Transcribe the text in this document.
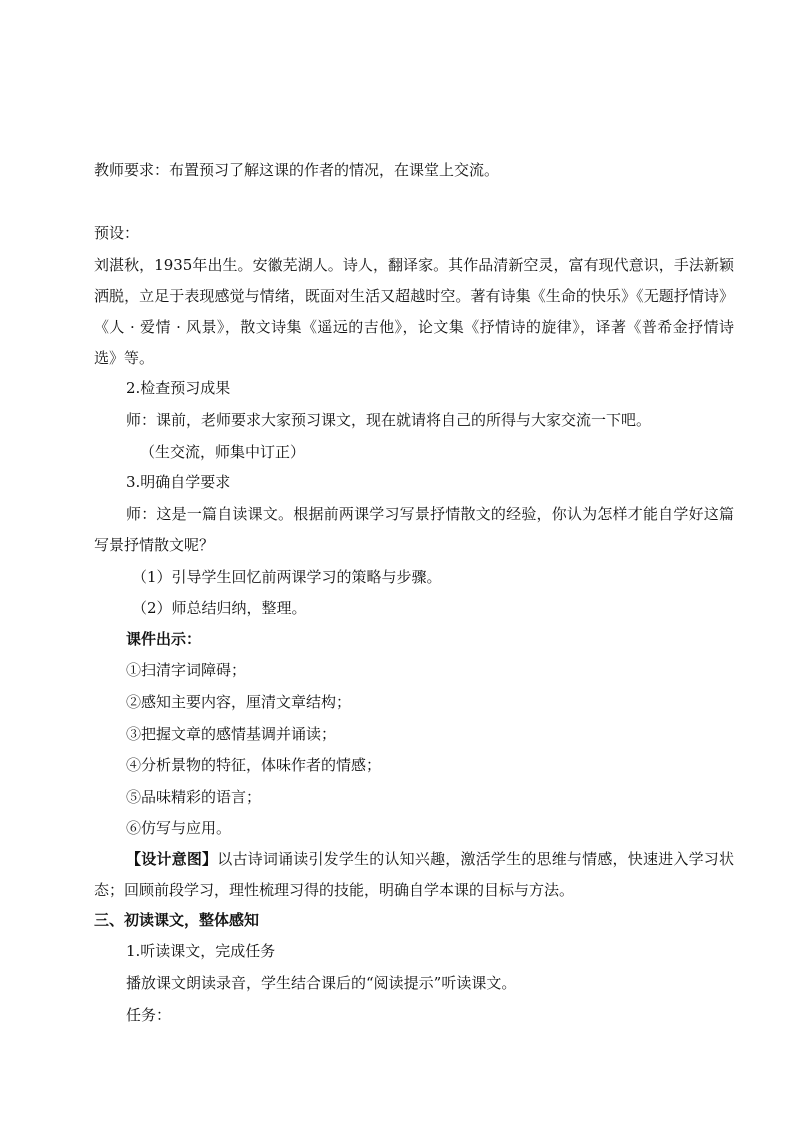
教师要求：布置预习了解这课的作者的情况，在课堂上交流。
预设：
刘湛秋，1935年出生。安徽芜湖人。诗人，翻译家。其作品清新空灵，富有现代意识，手法新颖洒脱，立足于表现感觉与情绪，既面对生活又超越时空。著有诗集《生命的快乐》《无题抒情诗》《人 · 爱情 · 风景》，散文诗集《遥远的吉他》，论文集《抒情诗的旋律》，译著《普希金抒情诗选》等。
2.检查预习成果
师：课前，老师要求大家预习课文，现在就请将自己的所得与大家交流一下吧。
（生交流，师集中订正）
3.明确自学要求
师：这是一篇自读课文。根据前两课学习写景抒情散文的经验，你认为怎样才能自学好这篇写景抒情散文呢？
（1）引导学生回忆前两课学习的策略与步骤。
（2）师总结归纳，整理。
课件出示：
①扫清字词障碍；
②感知主要内容，厘清文章结构；
③把握文章的感情基调并诵读；
④分析景物的特征，体味作者的情感；
⑤品味精彩的语言；
⑥仿写与应用。
【设计意图】以古诗词诵读引发学生的认知兴趣，激活学生的思维与情感，快速进入学习状态；回顾前段学习，理性梳理习得的技能，明确自学本课的目标与方法。
三、初读课文，整体感知
1.听读课文，完成任务
播放课文朗读录音，学生结合课后的“阅读提示”听读课文。
任务：
